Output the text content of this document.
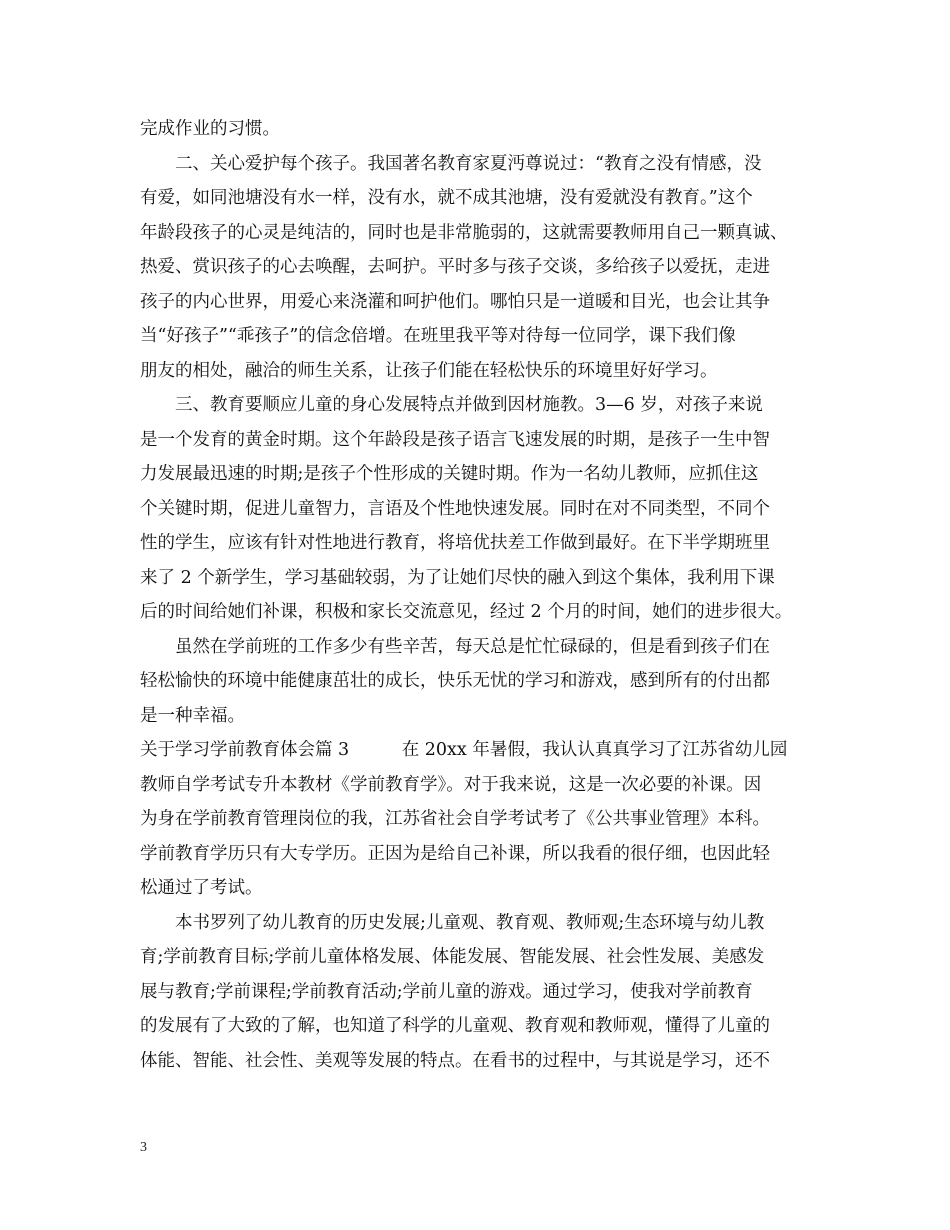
完成作业的习惯。
　　二、关心爱护每个孩子。我国著名教育家夏沔尊说过：“教育之没有情感，没
有爱，如同池塘没有水一样，没有水，就不成其池塘，没有爱就没有教育。”这个
年龄段孩子的心灵是纯洁的，同时也是非常脆弱的，这就需要教师用自己一颗真诚、
热爱、赏识孩子的心去唤醒，去呵护。平时多与孩子交谈，多给孩子以爱抚，走进
孩子的内心世界，用爱心来浇灌和呵护他们。哪怕只是一道暖和目光，也会让其争
当“好孩子”“乖孩子”的信念倍增。在班里我平等对待每一位同学，课下我们像
朋友的相处，融洽的师生关系，让孩子们能在轻松快乐的环境里好好学习。
　　三、教育要顺应儿童的身心发展特点并做到因材施教。3—6 岁，对孩子来说
是一个发育的黄金时期。这个年龄段是孩子语言飞速发展的时期，是孩子一生中智
力发展最迅速的时期;是孩子个性形成的关键时期。作为一名幼儿教师，应抓住这
个关键时期，促进儿童智力，言语及个性地快速发展。同时在对不同类型，不同个
性的学生，应该有针对性地进行教育，将培优扶差工作做到最好。在下半学期班里
来了 2 个新学生，学习基础较弱，为了让她们尽快的融入到这个集体，我利用下课
后的时间给她们补课，积极和家长交流意见，经过 2 个月的时间，她们的进步很大。
　　虽然在学前班的工作多少有些辛苦，每天总是忙忙碌碌的，但是看到孩子们在
轻松愉快的环境中能健康茁壮的成长，快乐无忧的学习和游戏，感到所有的付出都
是一种幸福。
关于学习学前教育体会篇 3　　　在 20xx 年暑假，我认认真真学习了江苏省幼儿园
教师自学考试专升本教材《学前教育学》。对于我来说，这是一次必要的补课。因
为身在学前教育管理岗位的我，江苏省社会自学考试考了《公共事业管理》本科。
学前教育学历只有大专学历。正因为是给自己补课，所以我看的很仔细，也因此轻
松通过了考试。
　　本书罗列了幼儿教育的历史发展;儿童观、教育观、教师观;生态环境与幼儿教
育;学前教育目标;学前儿童体格发展、体能发展、智能发展、社会性发展、美感发
展与教育;学前课程;学前教育活动;学前儿童的游戏。通过学习，使我对学前教育
的发展有了大致的了解，也知道了科学的儿童观、教育观和教师观，懂得了儿童的
体能、智能、社会性、美观等发展的特点。在看书的过程中，与其说是学习，还不
3
